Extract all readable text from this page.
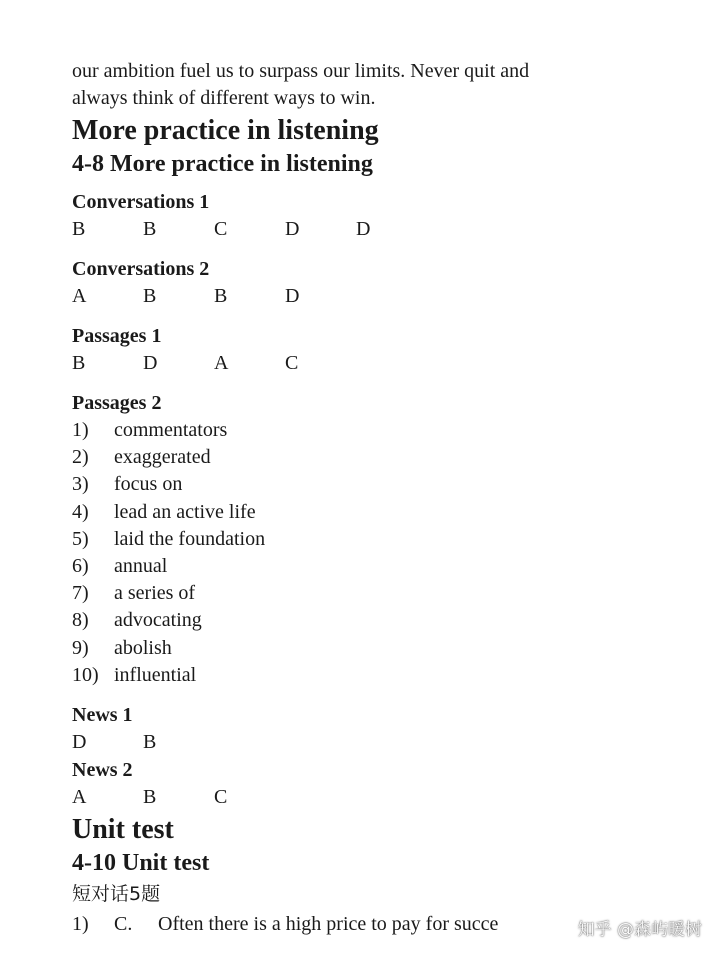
our ambition fuel us to surpass our limits. Never quit and

always think of different ways to win.

More practice in listening
4-8 More practice in listening
Conversations 1
B	B	C	D	D
Conversations 2
A	B	B	D
Passages 1
B	D	A	C
Passages 2
1)	commentators
2)	exaggerated
3)	focus on
4)	lead an active life
5)	laid the foundation
6)	annual
7)	a series of
8)	advocating
9)	abolish
10) influential
News 1
D	B
News 2
A	B	C
Unit test
4-10 Unit test

短对话5题

1)	C.	Often there is a high price to pay for succe	知乎 @森屿暖树
